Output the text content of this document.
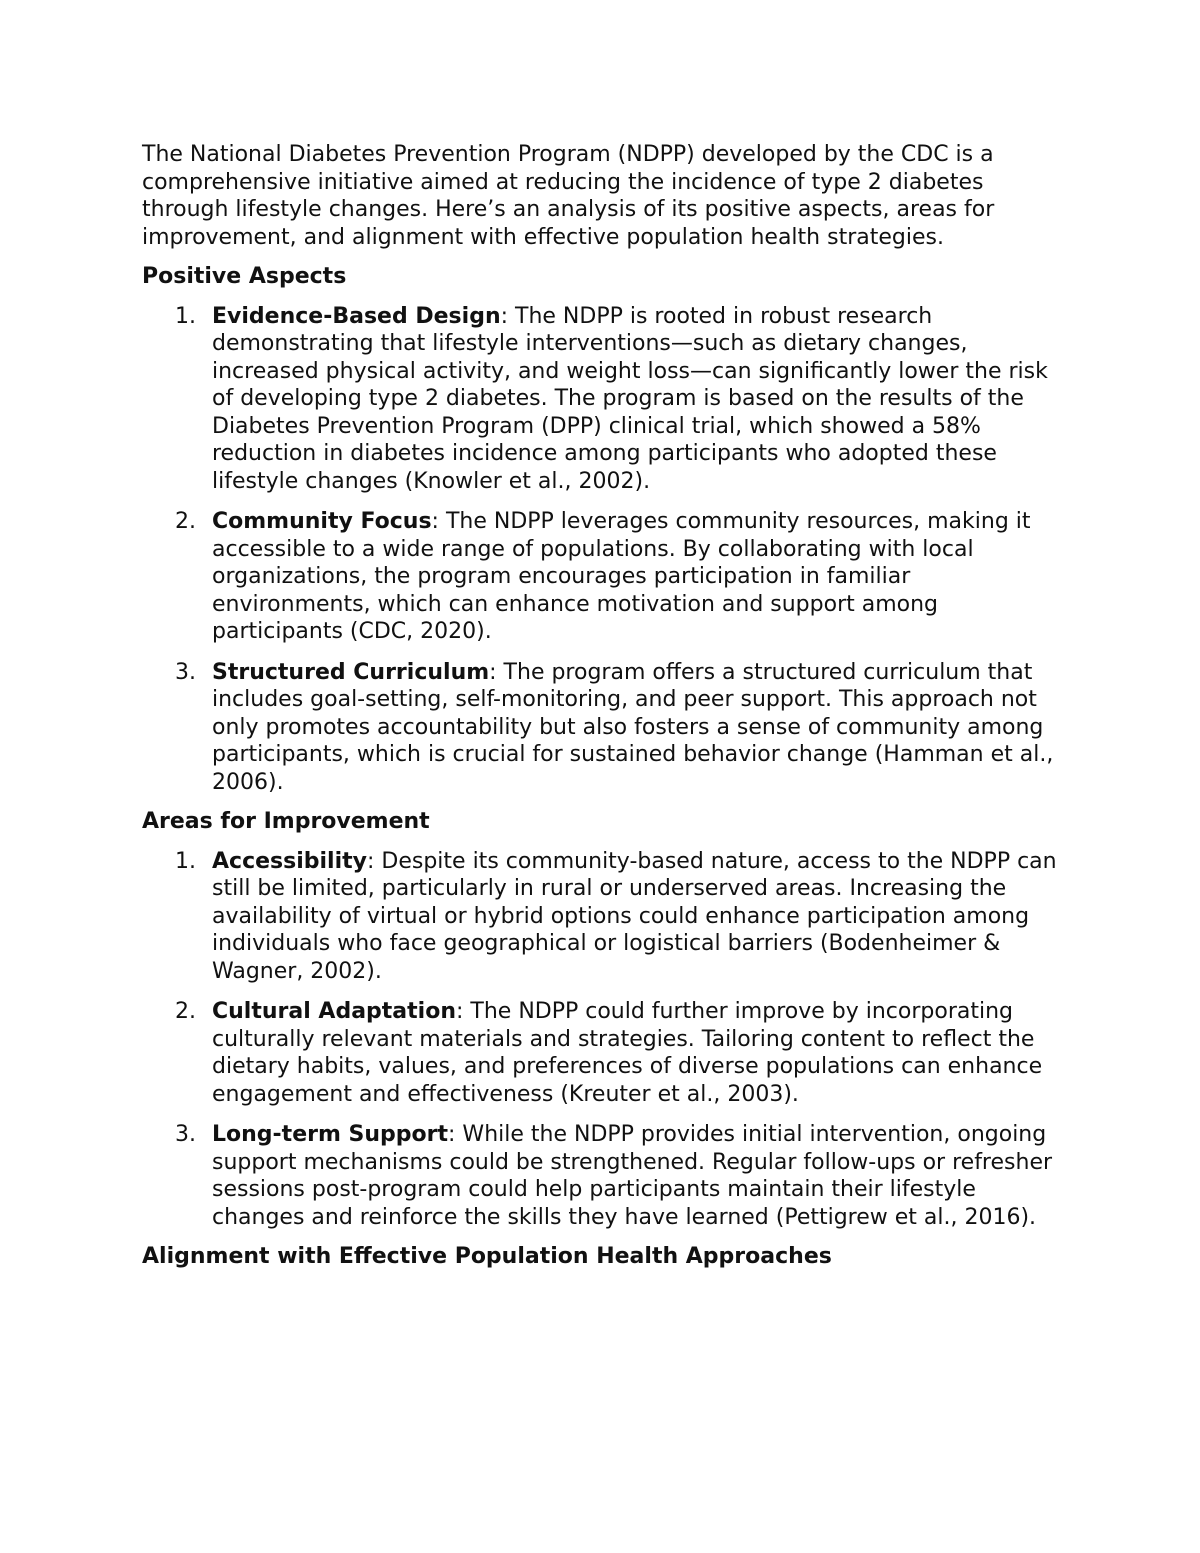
The National Diabetes Prevention Program (NDPP) developed by the CDC is a comprehensive initiative aimed at reducing the incidence of type 2 diabetes through lifestyle changes. Here’s an analysis of its positive aspects, areas for improvement, and alignment with effective population health strategies.

Positive Aspects
1. Evidence-Based Design: The NDPP is rooted in robust research demonstrating that lifestyle interventions—such as dietary changes, increased physical activity, and weight loss—can significantly lower the risk of developing type 2 diabetes. The program is based on the results of the Diabetes Prevention Program (DPP) clinical trial, which showed a 58% reduction in diabetes incidence among participants who adopted these lifestyle changes (Knowler et al., 2002).
2. Community Focus: The NDPP leverages community resources, making it accessible to a wide range of populations. By collaborating with local organizations, the program encourages participation in familiar environments, which can enhance motivation and support among participants (CDC, 2020).
3. Structured Curriculum: The program offers a structured curriculum that includes goal-setting, self-monitoring, and peer support. This approach not only promotes accountability but also fosters a sense of community among participants, which is crucial for sustained behavior change (Hamman et al., 2006).
Areas for Improvement
1. Accessibility: Despite its community-based nature, access to the NDPP can still be limited, particularly in rural or underserved areas. Increasing the availability of virtual or hybrid options could enhance participation among individuals who face geographical or logistical barriers (Bodenheimer & Wagner, 2002).
2. Cultural Adaptation: The NDPP could further improve by incorporating culturally relevant materials and strategies. Tailoring content to reflect the dietary habits, values, and preferences of diverse populations can enhance engagement and effectiveness (Kreuter et al., 2003).
3. Long-term Support: While the NDPP provides initial intervention, ongoing support mechanisms could be strengthened. Regular follow-ups or refresher sessions post-program could help participants maintain their lifestyle changes and reinforce the skills they have learned (Pettigrew et al., 2016).
Alignment with Effective Population Health Approaches
